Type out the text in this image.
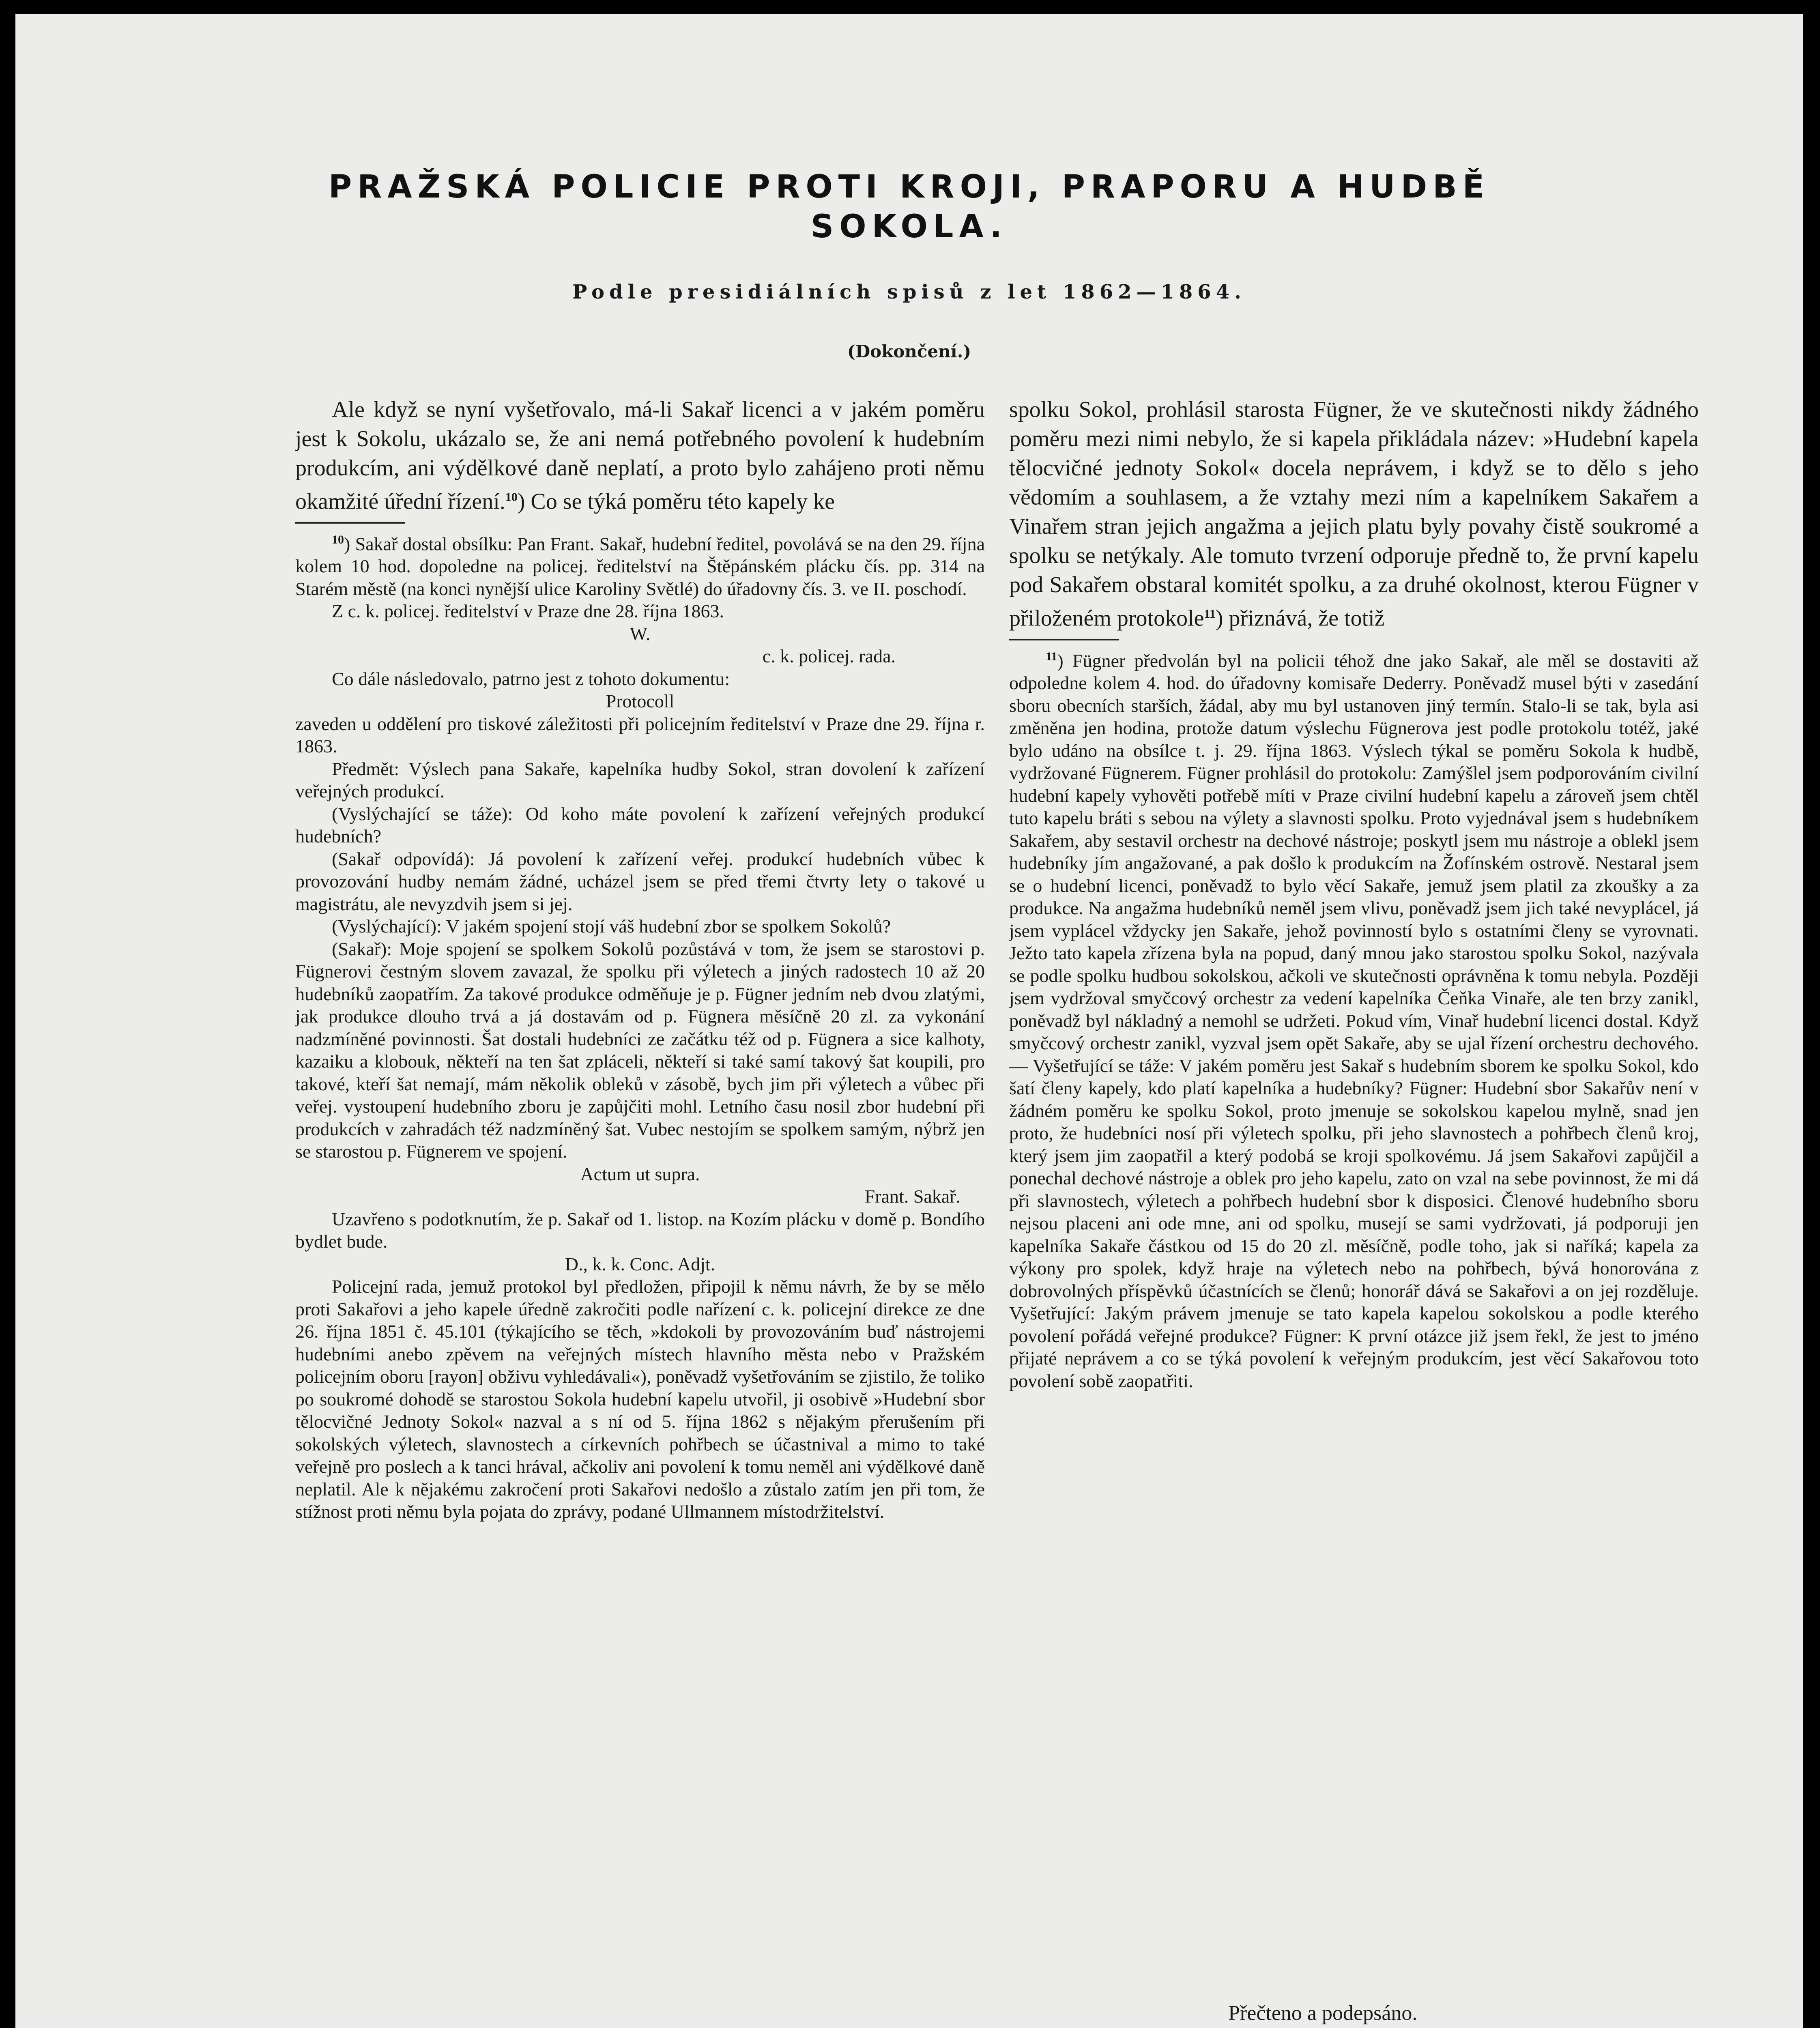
PRAŽSKÁ POLICIE PROTI KROJI, PRAPORU A HUDBĚ
SOKOLA.
Podle presidiálních spisů z let 1862—1864.
(Dokončení.)

Ale když se nyní vyšetřovalo, má-li Sakař licenci a v jakém poměru jest k Sokolu, ukázalo se, že ani nemá potřebného povolení k hudebním produkcím, ani výdělkové daně neplatí, a proto bylo zahájeno proti němu okamžité úřední řízení.$^{10}$) Co se týká poměru této kapely ke

$^{10}$) Sakař dostal obsílku: Pan Frant. Sakař, hudební ředitel, povolává se na den 29. října kolem 10 hod. dopoledne na policej. ředitelství na Štěpánském plácku čís. pp. 314 na Starém městě (na konci nynější ulice Karoliny Světlé) do úřadovny čís. 3. ve II. poschodí.

Z c. k. policej. ředitelství v Praze dne 28. října 1863.

W.

c. k. policej. rada.

Co dále následovalo, patrno jest z tohoto dokumentu:

Protocoll

zaveden u oddělení pro tiskové záležitosti při policejním ředitelství v Praze dne 29. října r. 1863.

Předmět: Výslech pana Sakaře, kapelníka hudby Sokol, stran dovolení k zařízení veřejných produkcí.

(Vyslýchající se táže): Od koho máte povolení k zařízení veřejných produkcí hudebních?

(Sakař odpovídá): Já povolení k zařízení veřej. produkcí hudebních vůbec k provozování hudby nemám žádné, ucházel jsem se před třemi čtvrty lety o takové u magistrátu, ale nevyzdvih jsem si jej.

(Vyslýchající): V jakém spojení stojí váš hudební zbor se spolkem Sokolů?

(Sakař): Moje spojení se spolkem Sokolů pozůstává v tom, že jsem se starostovi p. Fügnerovi čestným slovem zavazal, že spolku při výletech a jiných radostech 10 až 20 hudebníků zaopatřím. Za takové produkce odměňuje je p. Fügner jedním neb dvou zlatými, jak produkce dlouho trvá a já dostavám od p. Fügnera měsíčně 20 zl. za vykonání nadzmíněné povinnosti. Šat dostali hudebníci ze začátku též od p. Fügnera a sice kalhoty, kazaiku a klobouk, někteří na ten šat zpláceli, někteří si také samí takový šat koupili, pro takové, kteří šat nemají, mám několik obleků v zásobě, bych jim při výletech a vůbec při veřej. vystoupení hudebního zboru je zapůjčiti mohl. Letního času nosil zbor hudební při produkcích v zahradách též nadzmíněný šat. Vubec nestojím se spolkem samým, nýbrž jen se starostou p. Fügnerem ve spojení.

Actum ut supra.

Frant. Sakař.

Uzavřeno s podotknutím, že p. Sakař od 1. listop. na Kozím plácku v domě p. Bondího bydlet bude.

D., k. k. Conc. Adjt.

Policejní rada, jemuž protokol byl předložen, připojil k němu návrh, že by se mělo proti Sakařovi a jeho kapele úředně zakročiti podle nařízení c. k. policejní direkce ze dne 26. října 1851 č. 45.101 (týkajícího se těch, »kdokoli by provozováním buď nástrojemi hudebními anebo zpěvem na veřejných místech hlavního města nebo v Pražském policejním oboru [rayon] obživu vyhledávali«), poněvadž vyšetřováním se zjistilo, že toliko po soukromé dohodě se starostou Sokola hudební kapelu utvořil, ji osobivě »Hudební sbor tělocvičné Jednoty Sokol« nazval a s ní od 5. října 1862 s nějakým přerušením při sokolských výletech, slavnostech a církevních pohřbech se účastnival a mimo to také veřejně pro poslech a k tanci hrával, ačkoliv ani povolení k tomu neměl ani výdělkové daně neplatil. Ale k nějakému zakročení proti Sakařovi nedošlo a zůstalo zatím jen při tom, že stížnost proti němu byla pojata do zprávy, podané Ullmannem místodržitelství.

spolku Sokol, prohlásil starosta Fügner, že ve skutečnosti nikdy žádného poměru mezi nimi nebylo, že si kapela přikládala název: »Hudební kapela tělocvičné jednoty Sokol« docela neprávem, i když se to dělo s jeho vědomím a souhlasem, a že vztahy mezi ním a kapelníkem Sakařem a Vinařem stran jejich angažma a jejich platu byly povahy čistě soukromé a spolku se netýkaly. Ale tomuto tvrzení odporuje předně to, že první kapelu pod Sakařem obstaral komitét spolku, a za druhé okolnost, kterou Fügner v přiloženém protokole$^{11}$) přiznává, že totiž

$^{11}$) Fügner předvolán byl na policii téhož dne jako Sakař, ale měl se dostaviti až odpoledne kolem 4. hod. do úřadovny komisaře Dederry. Poněvadž musel býti v zasedání sboru obecních starších, žádal, aby mu byl ustanoven jiný termín. Stalo-li se tak, byla asi změněna jen hodina, protože datum výslechu Fügnerova jest podle protokolu totéž, jaké bylo udáno na obsílce t. j. 29. října 1863. Výslech týkal se poměru Sokola k hudbě, vydržované Fügnerem. Fügner prohlásil do protokolu: Zamýšlel jsem podporováním civilní hudební kapely vyhověti potřebě míti v Praze civilní hudební kapelu a zároveň jsem chtěl tuto kapelu bráti s sebou na výlety a slavnosti spolku. Proto vyjednával jsem s hudebníkem Sakařem, aby sestavil orchestr na dechové nástroje; poskytl jsem mu nástroje a oblekl jsem hudebníky jím angažované, a pak došlo k produkcím na Žofínském ostrově. Nestaral jsem se o hudební licenci, poněvadž to bylo věcí Sakaře, jemuž jsem platil za zkoušky a za produkce. Na angažma hudebníků neměl jsem vlivu, poněvadž jsem jich také nevyplácel, já jsem vyplácel vždycky jen Sakaře, jehož povinností bylo s ostatními členy se vyrovnati. Ježto tato kapela zřízena byla na popud, daný mnou jako starostou spolku Sokol, nazývala se podle spolku hudbou sokolskou, ačkoli ve skutečnosti oprávněna k tomu nebyla. Později jsem vydržoval smyčcový orchestr za vedení kapelníka Čeňka Vinaře, ale ten brzy zanikl, poněvadž byl nákladný a nemohl se udržeti. Pokud vím, Vinař hudební licenci dostal. Když smyčcový orchestr zanikl, vyzval jsem opět Sakaře, aby se ujal řízení orchestru dechového. — Vyšetřující se táže: V jakém poměru jest Sakař s hudebním sborem ke spolku Sokol, kdo šatí členy kapely, kdo platí kapelníka a hudebníky? Fügner: Hudební sbor Sakařův není v žádném poměru ke spolku Sokol, proto jmenuje se sokolskou kapelou mylně, snad jen proto, že hudebníci nosí při výletech spolku, při jeho slavnostech a pohřbech členů kroj, který jsem jim zaopatřil a který podobá se kroji spolkovému. Já jsem Sakařovi zapůjčil a ponechal dechové nástroje a oblek pro jeho kapelu, zato on vzal na sebe povinnost, že mi dá při slavnostech, výletech a pohřbech hudební sbor k disposici. Členové hudebního sboru nejsou placeni ani ode mne, ani od spolku, musejí se sami vydržovati, já podporuji jen kapelníka Sakaře částkou od 15 do 20 zl. měsíčně, podle toho, jak si naříká; kapela za výkony pro spolek, když hraje na výletech nebo na pohřbech, bývá honorována z dobrovolných příspěvků účastnících se členů; honorář dává se Sakařovi a on jej rozděluje. Vyšetřující: Jakým právem jmenuje se tato kapela kapelou sokolskou a podle kterého povolení pořádá veřejné produkce? Fügner: K první otázce již jsem řekl, že jest to jméno přijaté neprávem a co se týká povolení k veřejným produkcím, jest věcí Sakařovou toto povolení sobě zaopatřiti.

Přečteno a podepsáno.
